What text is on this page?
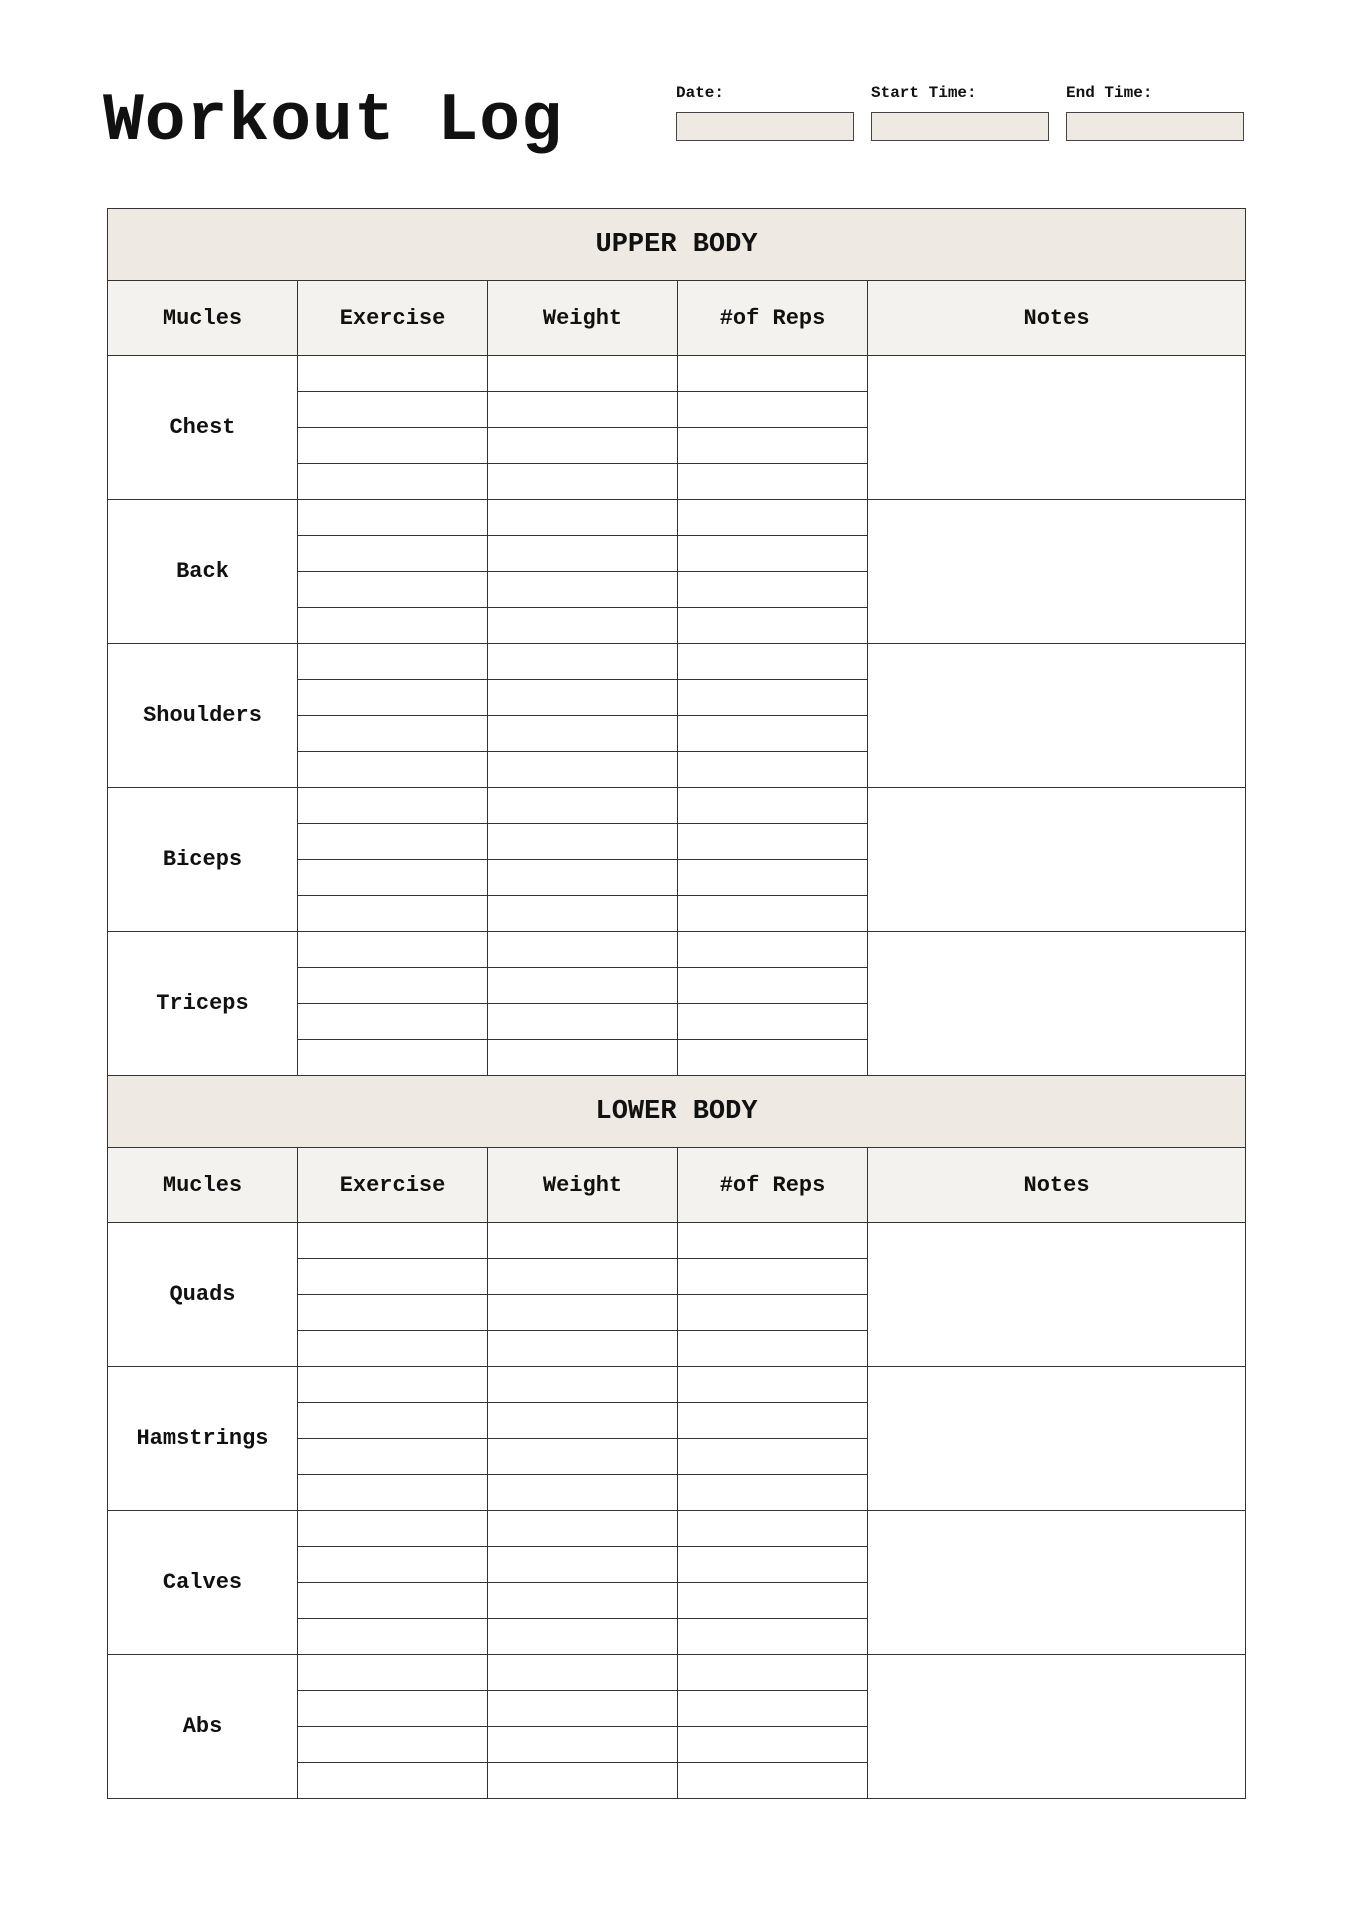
Workout Log	Date:	Start Time:	End Time:
UPPER BODY				
Mucles	Exercise	Weight	#of Reps	Notes
Chest				

Back				

Shoulders				

Biceps				

Triceps				

LOWER BODY				
Mucles	Exercise	Weight	#of Reps	Notes
Quads				

Hamstrings				

Calves				

Abs				
